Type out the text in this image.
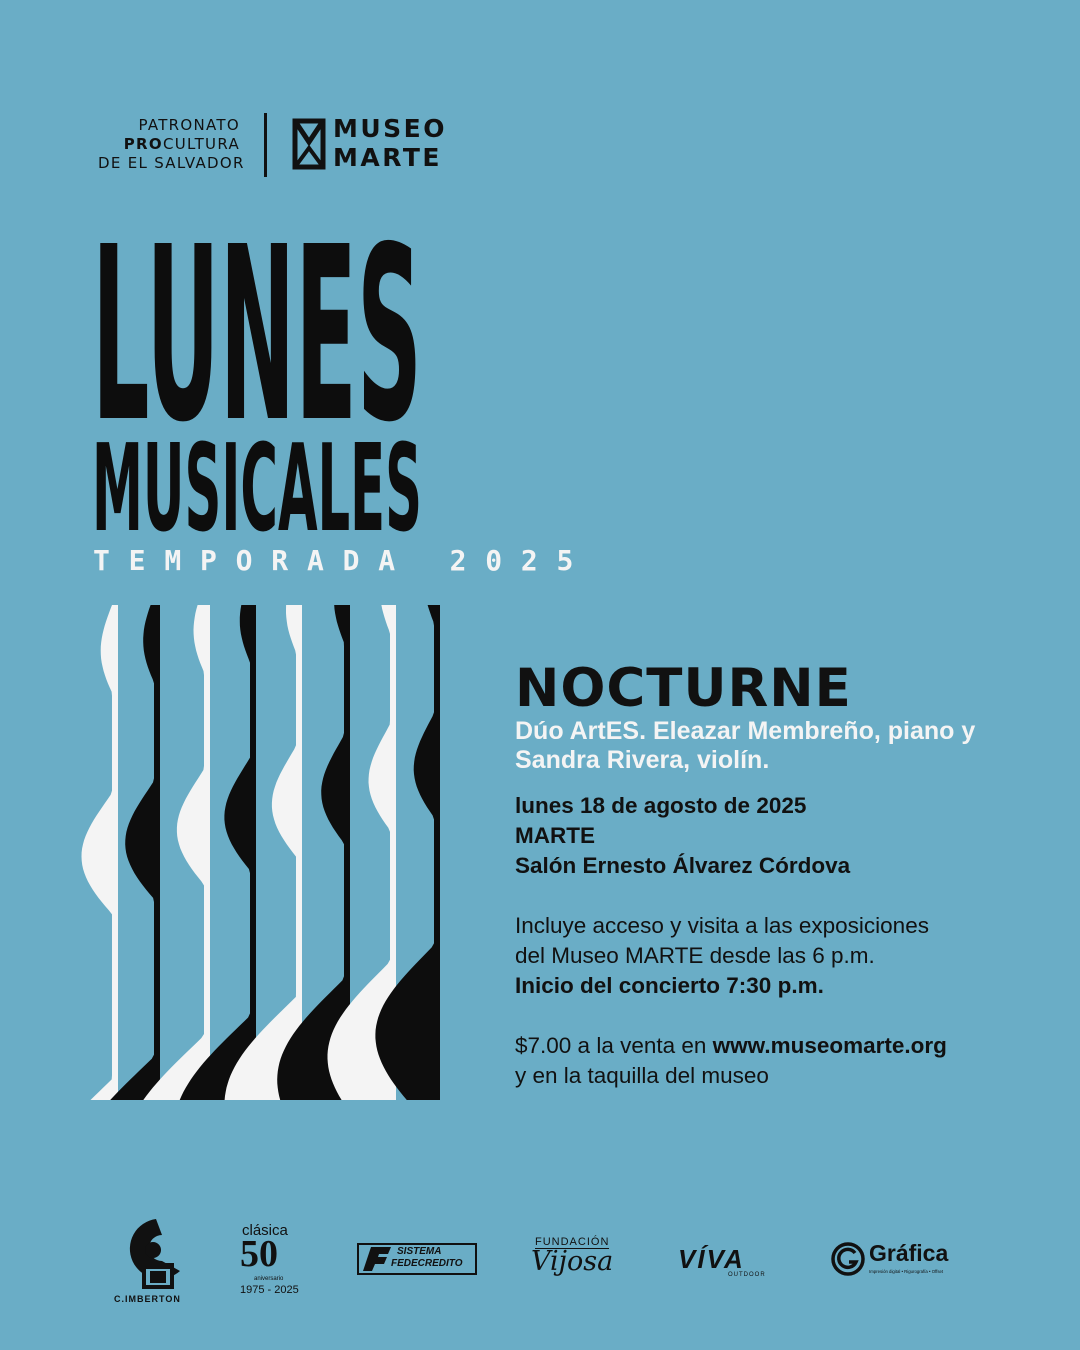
PATRONATO
PROCULTURA
DE EL SALVADOR
MUSEO
MARTE
LUNES
MUSICALES
TEMPORADA 2025
NOCTURNE
Dúo ArtES. Eleazar Membreño, piano y
Sandra Rivera, violín.
lunes 18 de agosto de 2025
MARTE
Salón Ernesto Álvarez Córdova
Incluye acceso y visita a las exposiciones
del Museo MARTE desde las 6 p.m.
Inicio del concierto 7:30 p.m.
$7.00 a la venta en www.museomarte.org
y en la taquilla del museo
C.IMBERTON
clásica
50
aniversario
1975 - 2025
SISTEMA
FEDECREDITO
FUNDACIÓN
Vijosa VÍVA
OUTDOOR
Gráfica
Impresión digital • Rigurografía • Offset
